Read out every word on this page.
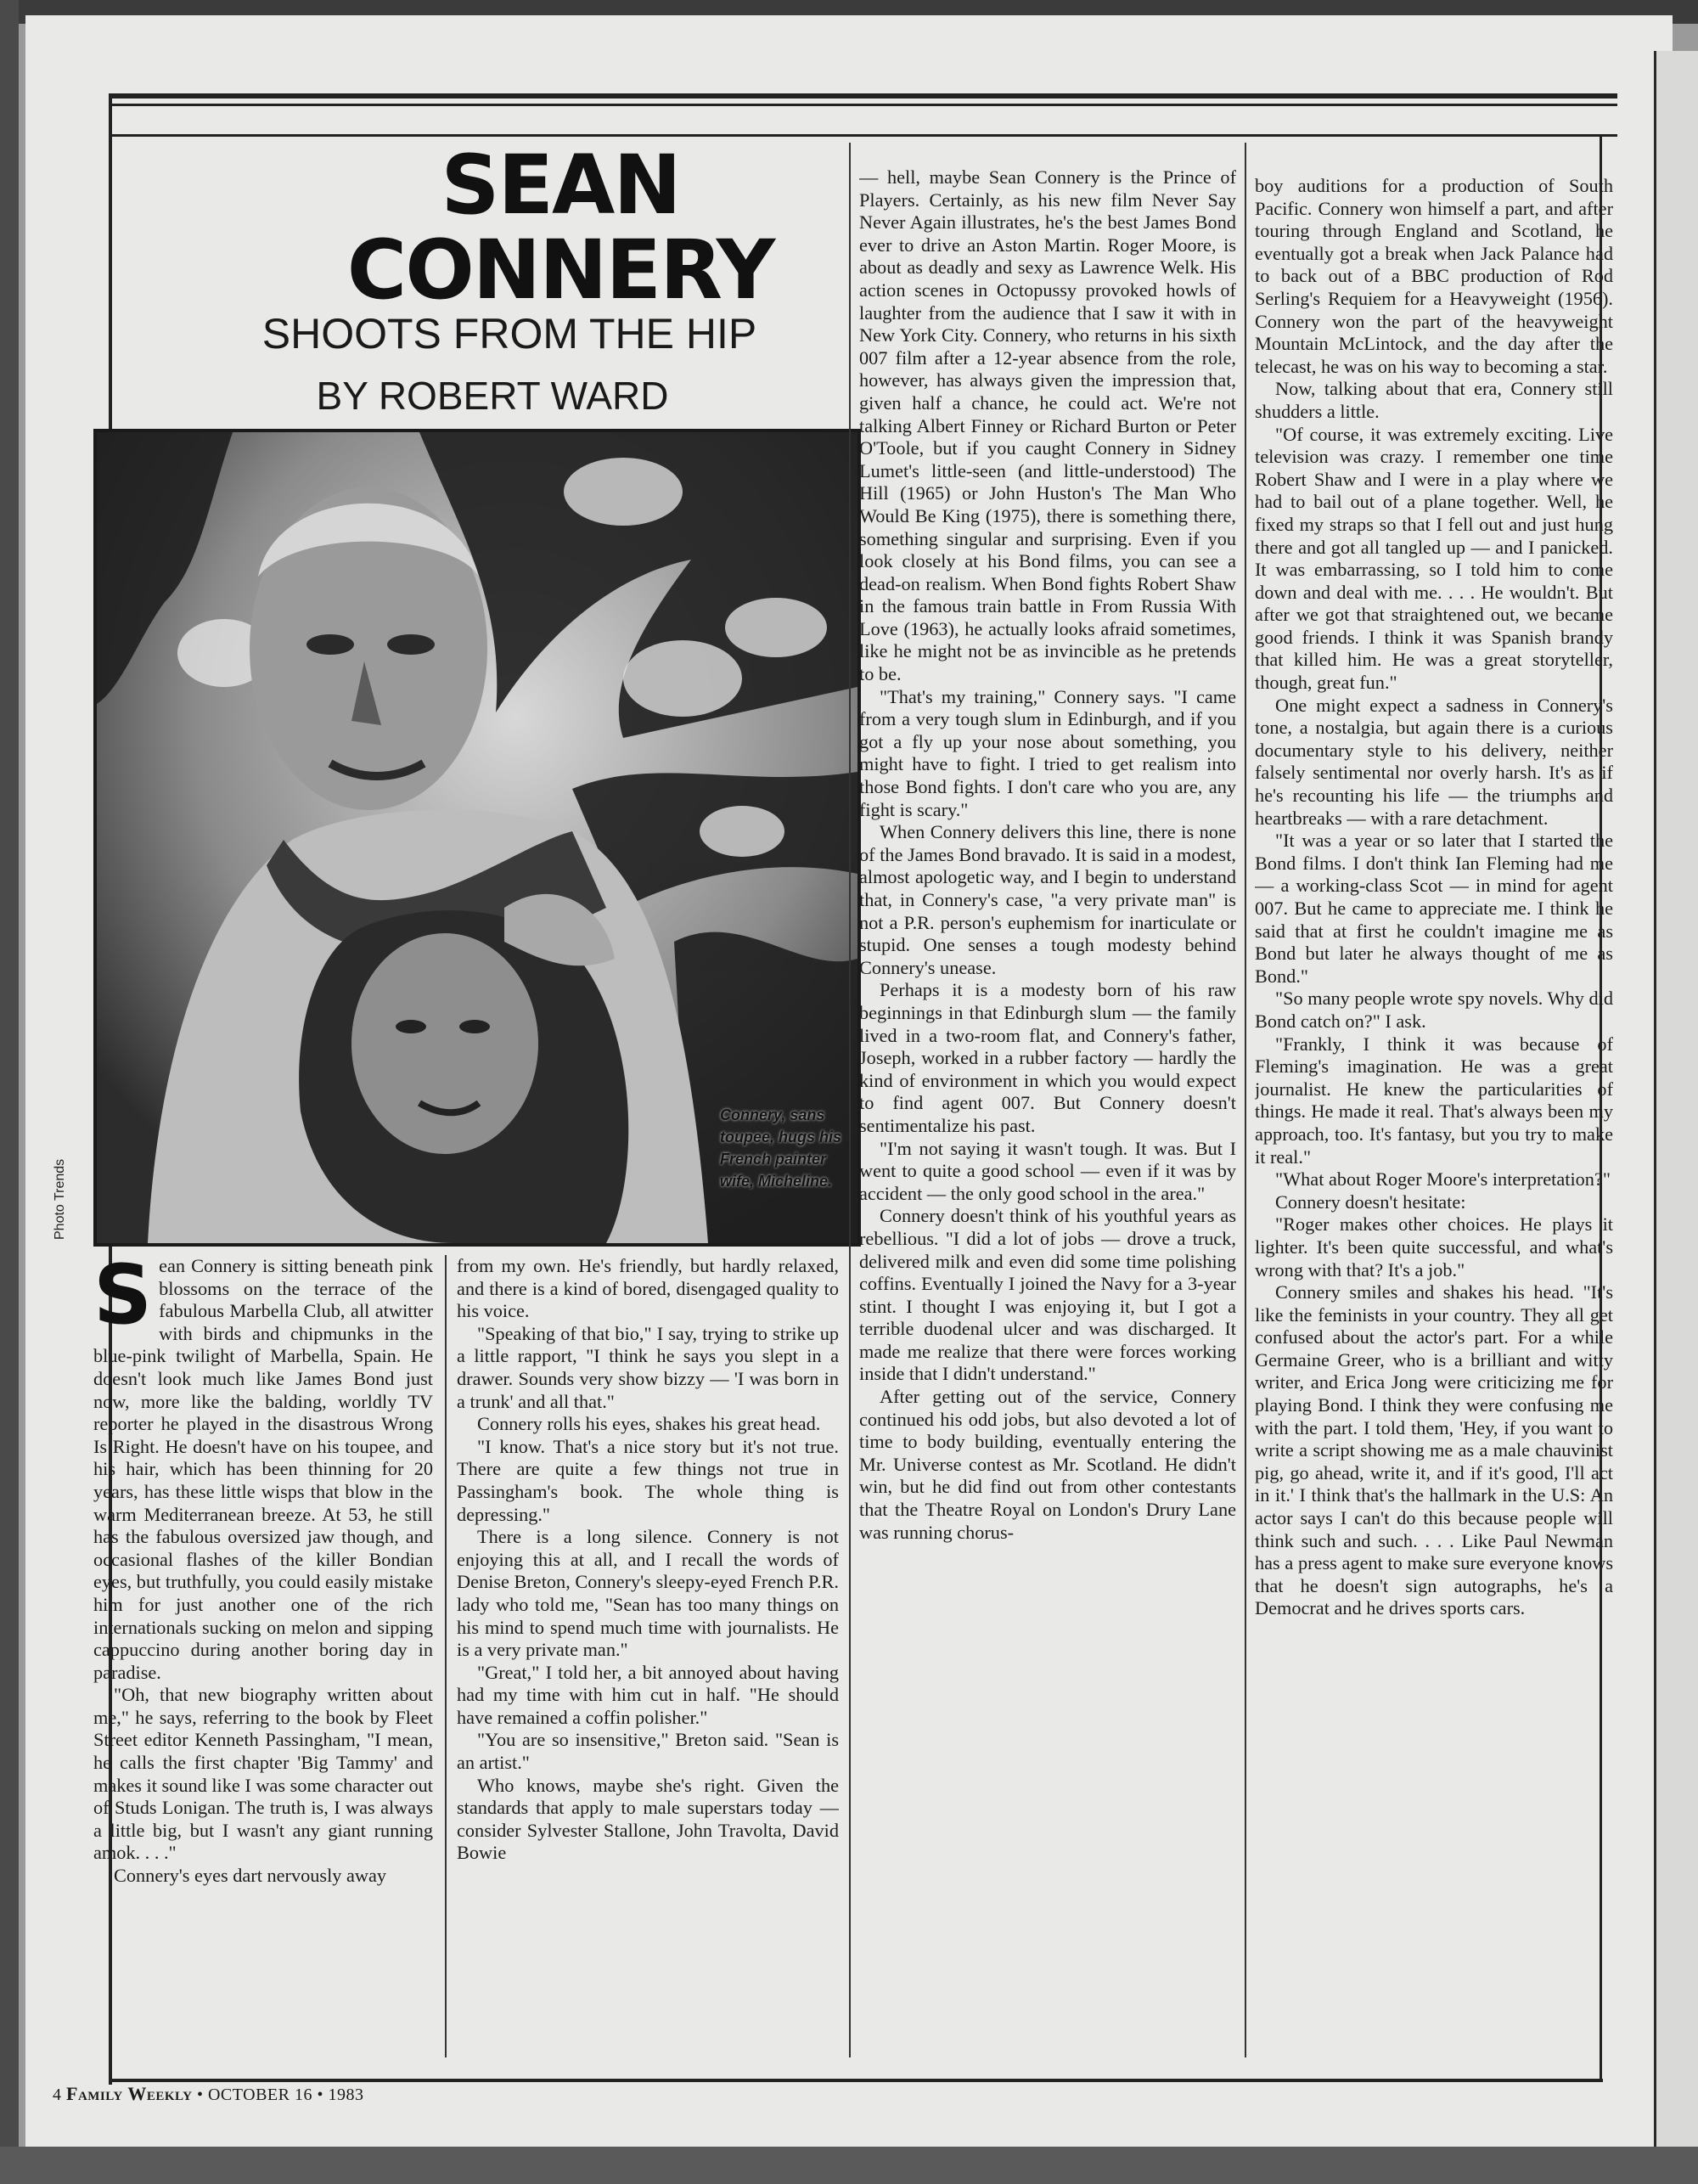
SEAN
CONNERY
SHOOTS FROM THE HIP
BY ROBERT WARD
Connery, sans toupee, hugs his French painter wife, Micheline.
Photo Trends

Sean Connery is sitting beneath pink blossoms on the terrace of the fabulous Marbella Club, all atwitter with birds and chipmunks in the blue-pink twilight of Marbella, Spain. He doesn't look much like James Bond just now, more like the balding, worldly TV reporter he played in the disastrous Wrong Is Right. He doesn't have on his toupee, and his hair, which has been thinning for 20 years, has these little wisps that blow in the warm Mediterranean breeze. At 53, he still has the fabulous oversized jaw though, and occasional flashes of the killer Bondian eyes, but truthfully, you could easily mistake him for just another one of the rich internationals sucking on melon and sipping cappuccino during another boring day in paradise.

"Oh, that new biography written about me," he says, referring to the book by Fleet Street editor Kenneth Passingham, "I mean, he calls the first chapter 'Big Tammy' and makes it sound like I was some character out of Studs Lonigan. The truth is, I was always a little big, but I wasn't any giant running amok. . . ."

Connery's eyes dart nervously away

from my own. He's friendly, but hardly relaxed, and there is a kind of bored, disengaged quality to his voice.

"Speaking of that bio," I say, trying to strike up a little rapport, "I think he says you slept in a drawer. Sounds very show bizzy — 'I was born in a trunk' and all that."

Connery rolls his eyes, shakes his great head.

"I know. That's a nice story but it's not true. There are quite a few things not true in Passingham's book. The whole thing is depressing."

There is a long silence. Connery is not enjoying this at all, and I recall the words of Denise Breton, Connery's sleepy-eyed French P.R. lady who told me, "Sean has too many things on his mind to spend much time with journalists. He is a very private man."

"Great," I told her, a bit annoyed about having had my time with him cut in half. "He should have remained a coffin polisher."

"You are so insensitive," Breton said. "Sean is an artist."

Who knows, maybe she's right. Given the standards that apply to male superstars today — consider Sylvester Stallone, John Travolta, David Bowie

— hell, maybe Sean Connery is the Prince of Players. Certainly, as his new film Never Say Never Again illustrates, he's the best James Bond ever to drive an Aston Martin. Roger Moore, is about as deadly and sexy as Lawrence Welk. His action scenes in Octopussy provoked howls of laughter from the audience that I saw it with in New York City. Connery, who returns in his sixth 007 film after a 12-year absence from the role, however, has always given the impression that, given half a chance, he could act. We're not talking Albert Finney or Richard Burton or Peter O'Toole, but if you caught Connery in Sidney Lumet's little-seen (and little-understood) The Hill (1965) or John Huston's The Man Who Would Be King (1975), there is something there, something singular and surprising. Even if you look closely at his Bond films, you can see a dead-on realism. When Bond fights Robert Shaw in the famous train battle in From Russia With Love (1963), he actually looks afraid sometimes, like he might not be as invincible as he pretends to be.

"That's my training," Connery says. "I came from a very tough slum in Edinburgh, and if you got a fly up your nose about something, you might have to fight. I tried to get realism into those Bond fights. I don't care who you are, any fight is scary."

When Connery delivers this line, there is none of the James Bond bravado. It is said in a modest, almost apologetic way, and I begin to understand that, in Connery's case, "a very private man" is not a P.R. person's euphemism for inarticulate or stupid. One senses a tough modesty behind Connery's unease.

Perhaps it is a modesty born of his raw beginnings in that Edinburgh slum — the family lived in a two-room flat, and Connery's father, Joseph, worked in a rubber factory — hardly the kind of environment in which you would expect to find agent 007. But Connery doesn't sentimentalize his past.

"I'm not saying it wasn't tough. It was. But I went to quite a good school — even if it was by accident — the only good school in the area."

Connery doesn't think of his youthful years as rebellious. "I did a lot of jobs — drove a truck, delivered milk and even did some time polishing coffins. Eventually I joined the Navy for a 3-year stint. I thought I was enjoying it, but I got a terrible duodenal ulcer and was discharged. It made me realize that there were forces working inside that I didn't understand."

After getting out of the service, Connery continued his odd jobs, but also devoted a lot of time to body building, eventually entering the Mr. Universe contest as Mr. Scotland. He didn't win, but he did find out from other contestants that the Theatre Royal on London's Drury Lane was running chorus-

boy auditions for a production of South Pacific. Connery won himself a part, and after touring through England and Scotland, he eventually got a break when Jack Palance had to back out of a BBC production of Rod Serling's Requiem for a Heavyweight (1956). Connery won the part of the heavyweight Mountain McLintock, and the day after the telecast, he was on his way to becoming a star.

Now, talking about that era, Connery still shudders a little.

"Of course, it was extremely exciting. Live television was crazy. I remember one time Robert Shaw and I were in a play where we had to bail out of a plane together. Well, he fixed my straps so that I fell out and just hung there and got all tangled up — and I panicked. It was embarrassing, so I told him to come down and deal with me. . . . He wouldn't. But after we got that straightened out, we became good friends. I think it was Spanish brandy that killed him. He was a great storyteller, though, great fun."

One might expect a sadness in Connery's tone, a nostalgia, but again there is a curious documentary style to his delivery, neither falsely sentimental nor overly harsh. It's as if he's recounting his life — the triumphs and heartbreaks — with a rare detachment.

"It was a year or so later that I started the Bond films. I don't think Ian Fleming had me — a working-class Scot — in mind for agent 007. But he came to appreciate me. I think he said that at first he couldn't imagine me as Bond but later he always thought of me as Bond."

"So many people wrote spy novels. Why did Bond catch on?" I ask.

"Frankly, I think it was because of Fleming's imagination. He was a great journalist. He knew the particularities of things. He made it real. That's always been my approach, too. It's fantasy, but you try to make it real."

"What about Roger Moore's interpretation?"

Connery doesn't hesitate:

"Roger makes other choices. He plays it lighter. It's been quite successful, and what's wrong with that? It's a job."

Connery smiles and shakes his head. "It's like the feminists in your country. They all get confused about the actor's part. For a while Germaine Greer, who is a brilliant and witty writer, and Erica Jong were criticizing me for playing Bond. I think they were confusing me with the part. I told them, 'Hey, if you want to write a script showing me as a male chauvinist pig, go ahead, write it, and if it's good, I'll act in it.' I think that's the hallmark in the U.S: An actor says I can't do this because people will think such and such. . . . Like Paul Newman has a press agent to make sure everyone knows that he doesn't sign autographs, he's a Democrat and he drives sports cars.

4 Family Weekly • OCTOBER 16 • 1983
